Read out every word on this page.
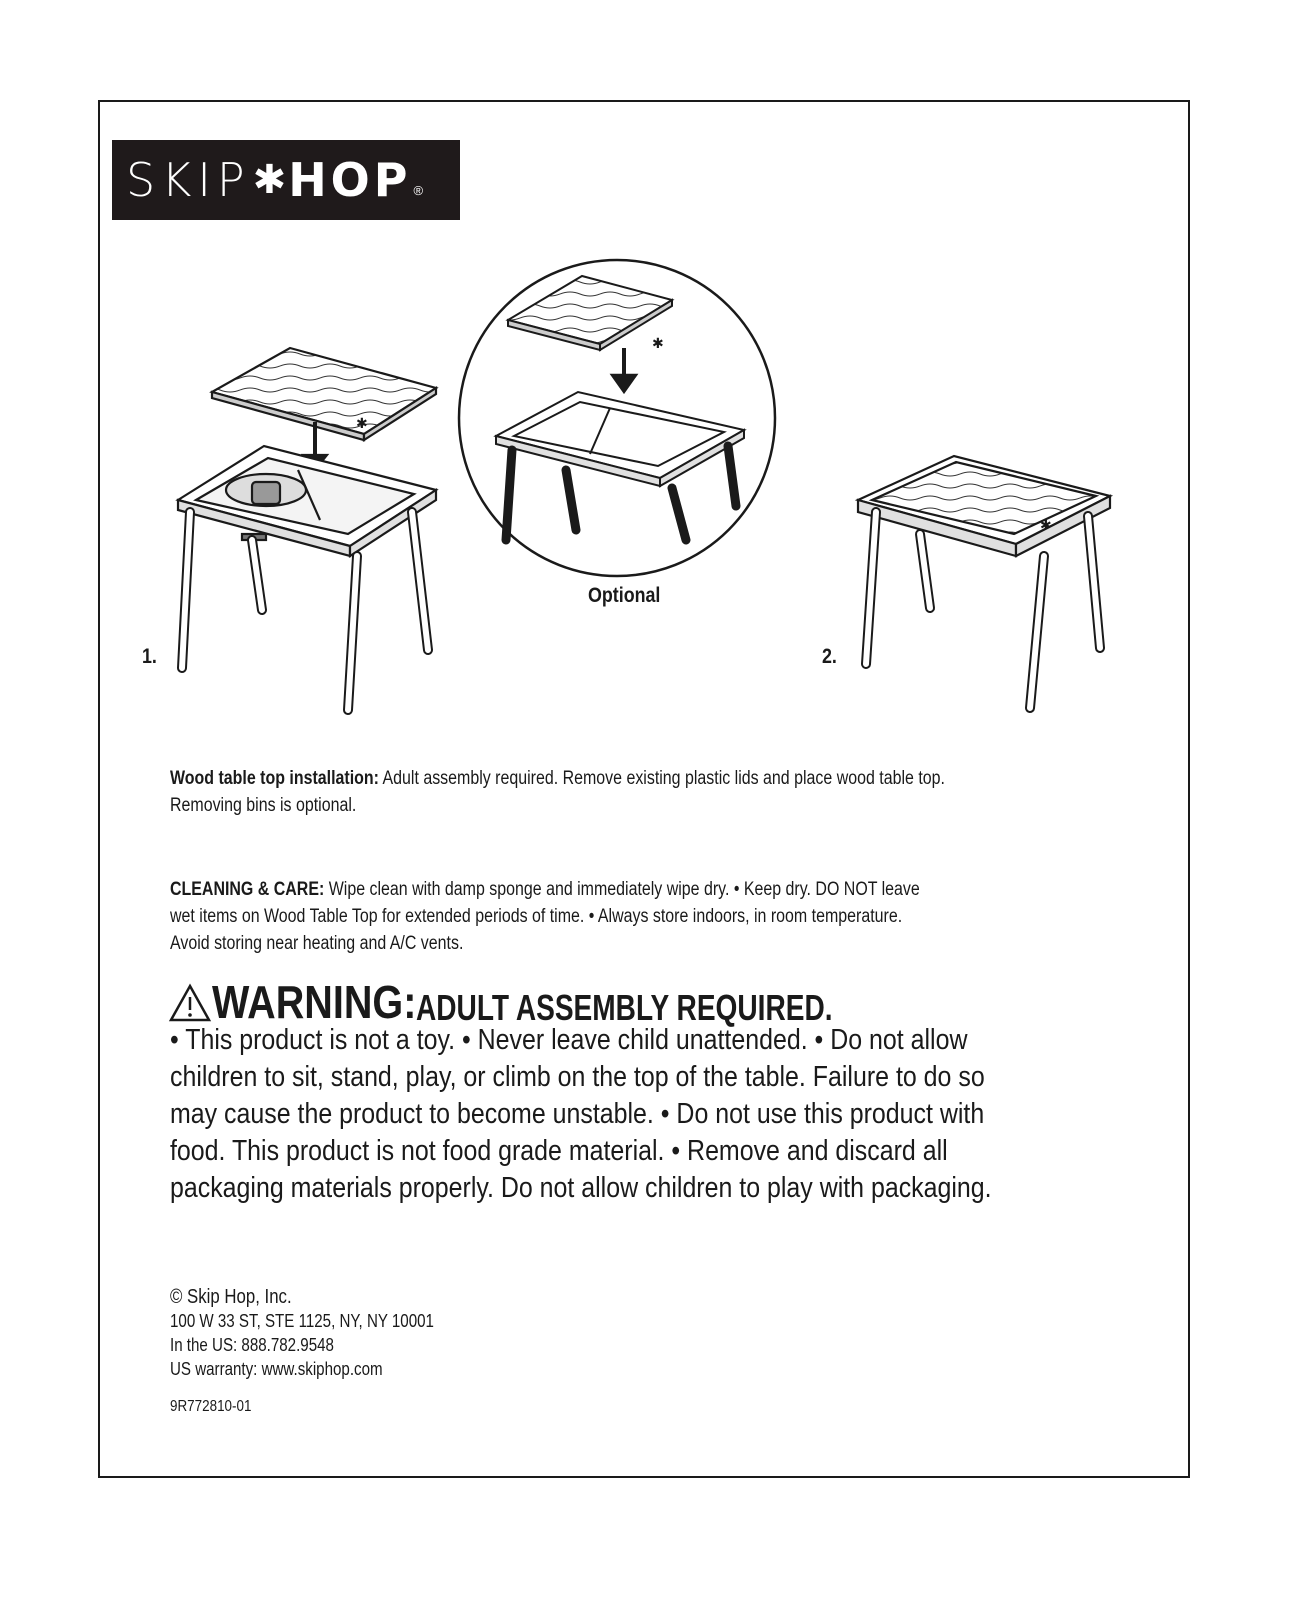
SKIP ✱ HOP ®
✱
✱
✱
1.
Optional
2.
Wood table top installation: Adult assembly required. Remove existing plastic lids and place wood table top. Removing bins is optional.
CLEANING & CARE: Wipe clean with damp sponge and immediately wipe dry. • Keep dry. DO NOT leave
wet items on Wood Table Top for extended periods of time. • Always store indoors, in room temperature.
Avoid storing near heating and A/C vents.
WARNING: ADULT ASSEMBLY REQUIRED.
• This product is not a toy. • Never leave child unattended. • Do not allow
children to sit, stand, play, or climb on the top of the table. Failure to do so
may cause the product to become unstable. • Do not use this product with
food. This product is not food grade material. • Remove and discard all
packaging materials properly. Do not allow children to play with packaging.
© Skip Hop, Inc.
100 W 33 ST, STE 1125, NY, NY 10001
In the US: 888.782.9548
US warranty: www.skiphop.com
9R772810-01
